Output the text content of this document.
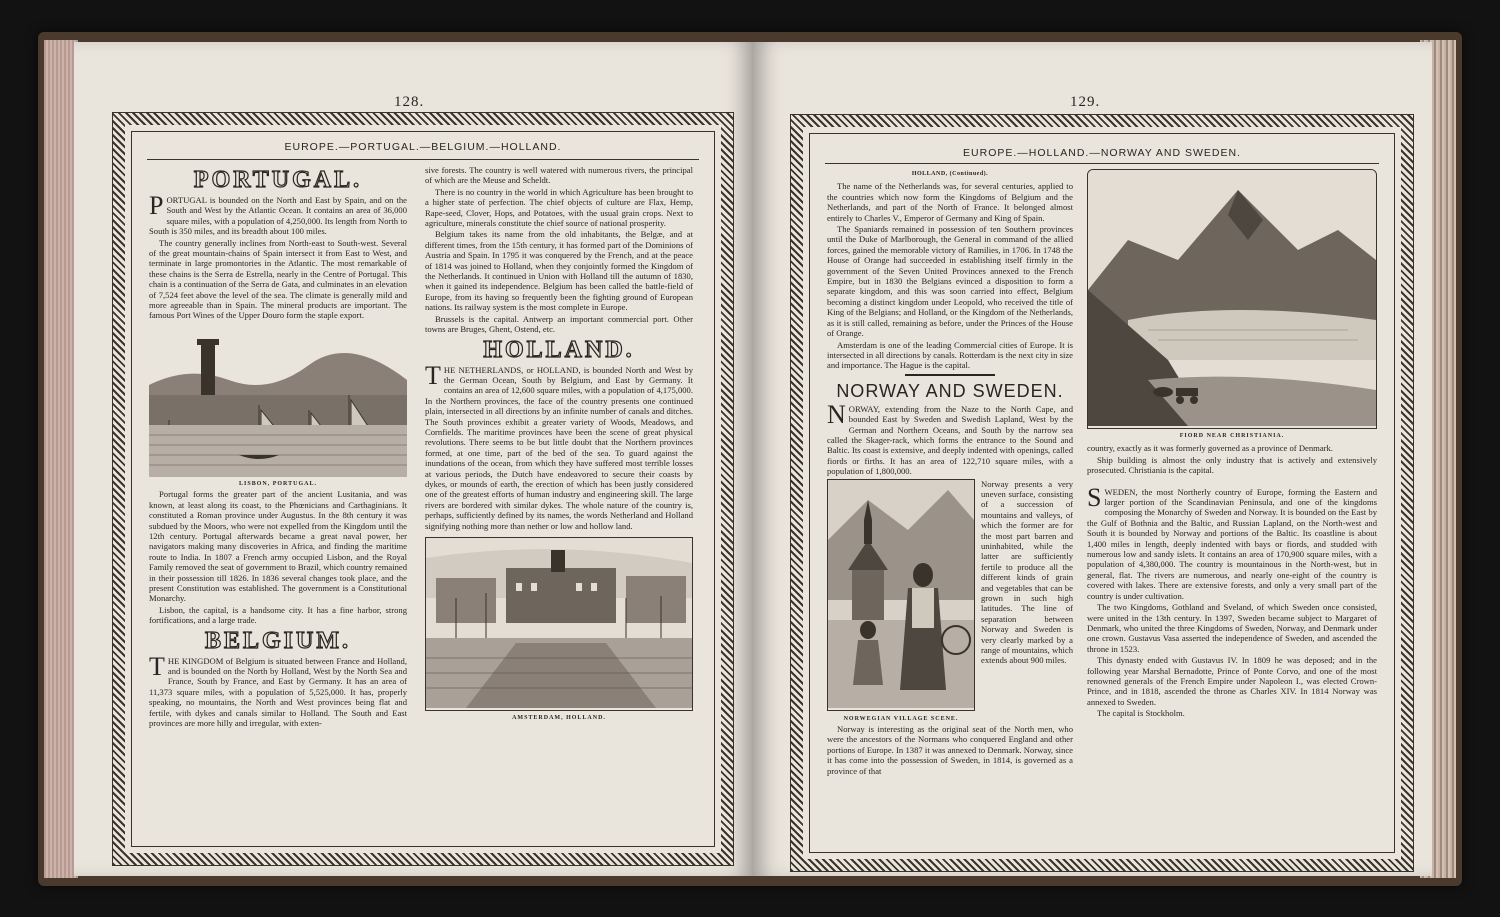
128.
EUROPE.—PORTUGAL.—BELGIUM.—HOLLAND.
PORTUGAL.

PORTUGAL is bounded on the North and East by Spain, and on the South and West by the Atlantic Ocean. It contains an area of 36,000 square miles, with a population of 4,250,000. Its length from North to South is 350 miles, and its breadth about 100 miles.

The country generally inclines from North-east to South-west. Several of the great mountain-chains of Spain intersect it from East to West, and terminate in large promontories in the Atlantic. The most remarkable of these chains is the Serra de Estrella, nearly in the Centre of Portugal. This chain is a continuation of the Serra de Gata, and culminates in an elevation of 7,524 feet above the level of the sea. The climate is generally mild and more agreeable than in Spain. The mineral products are important. The famous Port Wines of the Upper Douro form the staple export.

LISBON, PORTUGAL.

Portugal forms the greater part of the ancient Lusitania, and was known, at least along its coast, to the Phœnicians and Carthaginians. It constituted a Roman province under Augustus. In the 8th century it was subdued by the Moors, who were not expelled from the Kingdom until the 12th century. Portugal afterwards became a great naval power, her navigators making many discoveries in Africa, and finding the maritime route to India. In 1807 a French army occupied Lisbon, and the Royal Family removed the seat of government to Brazil, which country remained in their possession till 1826. In 1836 several changes took place, and the present Constitution was established. The government is a Constitutional Monarchy.

Lisbon, the capital, is a handsome city. It has a fine harbor, strong fortifications, and a large trade.

BELGIUM.

THE KINGDOM of Belgium is situated between France and Holland, and is bounded on the North by Holland, West by the North Sea and France, South by France, and East by Germany. It has an area of 11,373 square miles, with a population of 5,525,000. It has, properly speaking, no mountains, the North and West provinces being flat and fertile, with dykes and canals similar to Holland. The South and East provinces are more hilly and irregular, with exten-

sive forests. The country is well watered with numerous rivers, the principal of which are the Meuse and Scheldt.

There is no country in the world in which Agriculture has been brought to a higher state of perfection. The chief objects of culture are Flax, Hemp, Rape-seed, Clover, Hops, and Potatoes, with the usual grain crops. Next to agriculture, minerals constitute the chief source of national prosperity.

Belgium takes its name from the old inhabitants, the Belgæ, and at different times, from the 15th century, it has formed part of the Dominions of Austria and Spain. In 1795 it was conquered by the French, and at the peace of 1814 was joined to Holland, when they conjointly formed the Kingdom of the Netherlands. It continued in Union with Holland till the autumn of 1830, when it gained its independence. Belgium has been called the battle-field of Europe, from its having so frequently been the fighting ground of European nations. Its railway system is the most complete in Europe.

Brussels is the capital. Antwerp an important commercial port. Other towns are Bruges, Ghent, Ostend, etc.

HOLLAND.

THE NETHERLANDS, or HOLLAND, is bounded North and West by the German Ocean, South by Belgium, and East by Germany. It contains an area of 12,600 square miles, with a population of 4,175,000. In the Northern provinces, the face of the country presents one continued plain, intersected in all directions by an infinite number of canals and ditches. The South provinces exhibit a greater variety of Woods, Meadows, and Cornfields. The maritime provinces have been the scene of great physical revolutions. There seems to be but little doubt that the Northern provinces formed, at one time, part of the bed of the sea. To guard against the inundations of the ocean, from which they have suffered most terrible losses at various periods, the Dutch have endeavored to secure their coasts by dykes, or mounds of earth, the erection of which has been justly considered one of the greatest efforts of human industry and engineering skill. The large rivers are bordered with similar dykes. The whole nature of the country is, perhaps, sufficiently defined by its names, the words Netherland and Holland signifying nothing more than nether or low and hollow land.

AMSTERDAM, HOLLAND.
129.
EUROPE.—HOLLAND.—NORWAY AND SWEDEN.
HOLLAND, (Continued).

The name of the Netherlands was, for several centuries, applied to the countries which now form the Kingdoms of Belgium and the Netherlands, and part of the North of France. It belonged almost entirely to Charles V., Emperor of Germany and King of Spain.

The Spaniards remained in possession of ten Southern provinces until the Duke of Marlborough, the General in command of the allied forces, gained the memorable victory of Ramilies, in 1706. In 1748 the House of Orange had succeeded in establishing itself firmly in the government of the Seven United Provinces annexed to the French Empire, but in 1830 the Belgians evinced a disposition to form a separate kingdom, and this was soon carried into effect, Belgium becoming a distinct kingdom under Leopold, who received the title of King of the Belgians; and Holland, or the Kingdom of the Netherlands, as it is still called, remaining as before, under the Princes of the House of Orange.

Amsterdam is one of the leading Commercial cities of Europe. It is intersected in all directions by canals. Rotterdam is the next city in size and importance. The Hague is the capital.

NORWAY AND SWEDEN.

NORWAY, extending from the Naze to the North Cape, and bounded East by Sweden and Swedish Lapland, West by the German and Northern Oceans, and South by the narrow sea called the Skager-rack, which forms the entrance to the Sound and Baltic. Its coast is extensive, and deeply indented with openings, called fiords or firths. It has an area of 122,710 square miles, with a population of 1,800,000.

NORWEGIAN VILLAGE SCENE.
Norway presents a very uneven surface, consisting of a succession of mountains and valleys, of which the former are for the most part barren and uninhabited, while the latter are sufficiently fertile to produce all the different kinds of grain and vegetables that can be grown in such high latitudes. The line of separation between Norway and Sweden is very clearly marked by a range of mountains, which extends about 900 miles.

Norway is interesting as the original seat of the North men, who were the ancestors of the Normans who conquered England and other portions of Europe. In 1387 it was annexed to Denmark. Norway, since it has come into the possession of Sweden, in 1814, is governed as a province of that

FIORD NEAR CHRISTIANIA.

country, exactly as it was formerly governed as a province of Denmark.

Ship building is almost the only industry that is actively and extensively prosecuted. Christiania is the capital.

SWEDEN, the most Northerly country of Europe, forming the Eastern and larger portion of the Scandinavian Peninsula, and one of the kingdoms composing the Monarchy of Sweden and Norway. It is bounded on the East by the Gulf of Bothnia and the Baltic, and Russian Lapland, on the North-west and South it is bounded by Norway and portions of the Baltic. Its coastline is about 1,400 miles in length, deeply indented with bays or fiords, and studded with numerous low and sandy islets. It contains an area of 170,900 square miles, with a population of 4,380,000. The country is mountainous in the North-west, but in general, flat. The rivers are numerous, and nearly one-eight of the country is covered with lakes. There are extensive forests, and only a very small part of the country is under cultivation.

The two Kingdoms, Gothland and Sveland, of which Sweden once consisted, were united in the 13th century. In 1397, Sweden became subject to Margaret of Denmark, who united the three Kingdoms of Sweden, Norway, and Denmark under one crown. Gustavus Vasa asserted the independence of Sweden, and ascended the throne in 1523.

This dynasty ended with Gustavus IV. In 1809 he was deposed; and in the following year Marshal Bernadotte, Prince of Ponte Corvo, and one of the most renowned generals of the French Empire under Napoleon I., was elected Crown-Prince, and in 1818, ascended the throne as Charles XIV. In 1814 Norway was annexed to Sweden.

The capital is Stockholm.
